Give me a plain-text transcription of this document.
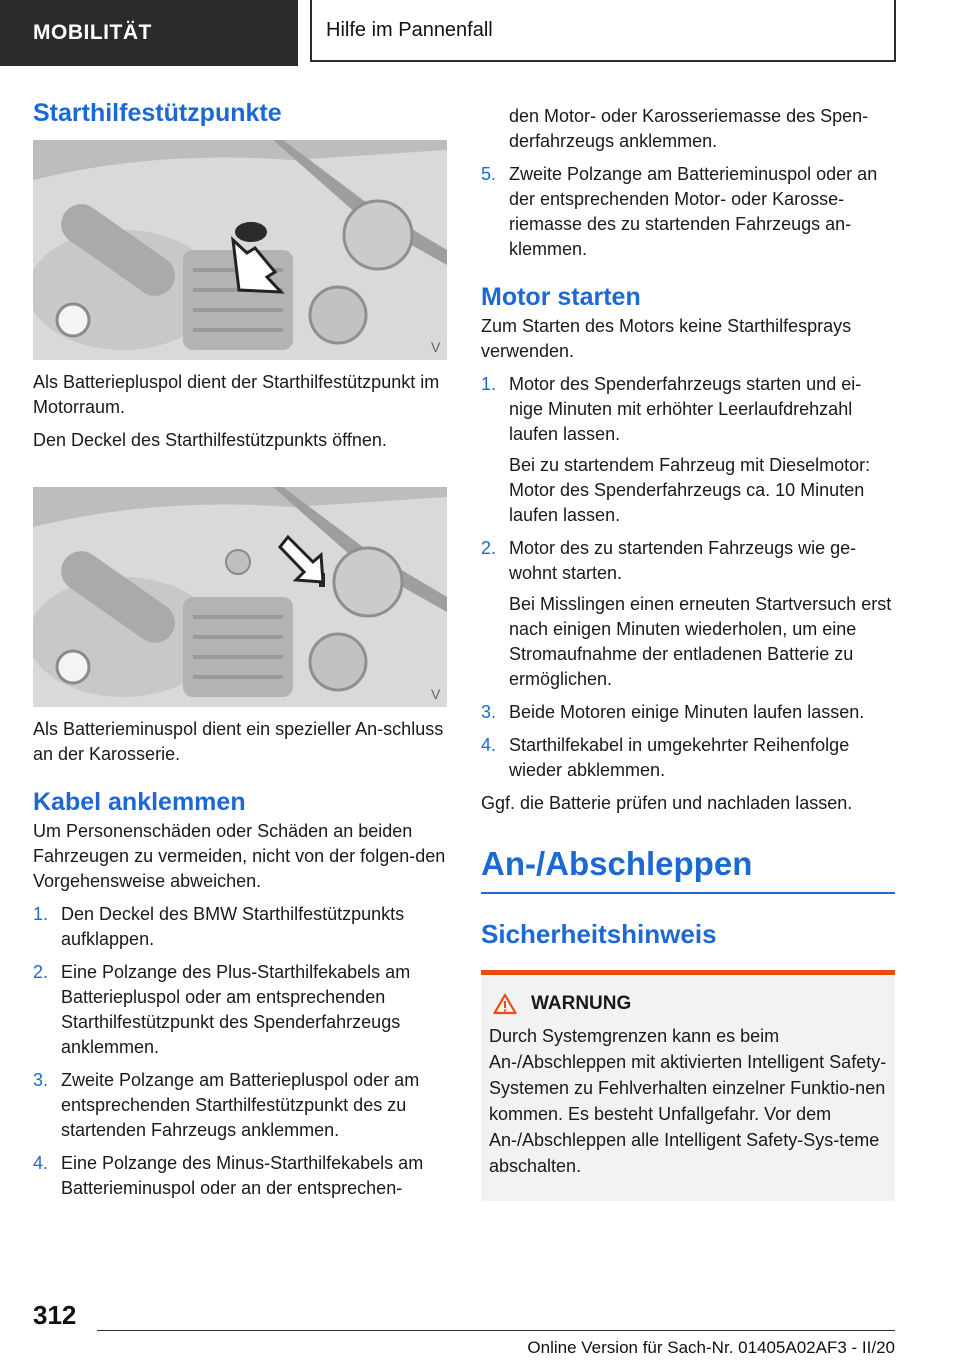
MOBILITÄT	Hilfe im Pannenfall
Starthilfestützpunkte
V

Als Batteriepluspol dient der Starthilfestützpunkt im Motorraum.

Den Deckel des Starthilfestützpunkts öffnen.

V

Als Batterieminuspol dient ein spezieller An-schluss an der Karosserie.

Kabel anklemmen

Um Personenschäden oder Schäden an beiden Fahrzeugen zu vermeiden, nicht von der folgen-den Vorgehensweise abweichen.

1. Den Deckel des BMW Starthilfestützpunkts aufklappen.
2. Eine Polzange des Plus-Starthilfekabels am Batteriepluspol oder am entsprechenden Starthilfestützpunkt des Spenderfahrzeugs anklemmen.
3. Zweite Polzange am Batteriepluspol oder am entsprechenden Starthilfestützpunkt des zu startenden Fahrzeugs anklemmen.
4. Eine Polzange des Minus-Starthilfekabels am Batterieminuspol oder an der entsprechen-
den Motor- oder Karosseriemasse des Spen-derfahrzeugs anklemmen.
5. Zweite Polzange am Batterieminuspol oder an der entsprechenden Motor- oder Karosse-riemasse des zu startenden Fahrzeugs an-klemmen.
Motor starten

Zum Starten des Motors keine Starthilfesprays verwenden.

1. Motor des Spenderfahrzeugs starten und ei-nige Minuten mit erhöhter Leerlaufdrehzahl laufen lassen.
Bei zu startendem Fahrzeug mit Dieselmotor: Motor des Spenderfahrzeugs ca. 10 Minuten laufen lassen.
2. Motor des zu startenden Fahrzeugs wie ge-wohnt starten.
Bei Misslingen einen erneuten Startversuch erst nach einigen Minuten wiederholen, um eine Stromaufnahme der entladenen Batterie zu ermöglichen.
3. Beide Motoren einige Minuten laufen lassen.
4. Starthilfekabel in umgekehrter Reihenfolge wieder abklemmen.

Ggf. die Batterie prüfen und nachladen lassen.

An-/Abschleppen
Sicherheitshinweis
WARNUNG

Durch Systemgrenzen kann es beim An-/Abschleppen mit aktivierten Intelligent Safety-Systemen zu Fehlverhalten einzelner Funktio-nen kommen. Es besteht Unfallgefahr. Vor dem An-/Abschleppen alle Intelligent Safety-Sys-teme abschalten.

312
Online Version für Sach-Nr. 01405A02AF3 - II/20
